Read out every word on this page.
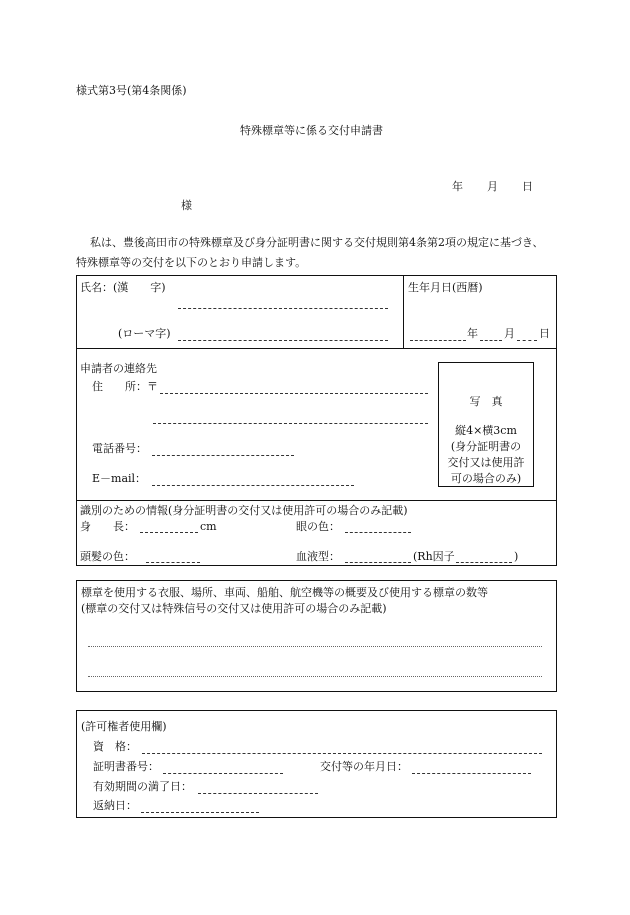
様式第3号(第4条関係)
特殊標章等に係る交付申請書
年 月 日
様
私は、豊後高田市の特殊標章及び身分証明書に関する交付規則第4条第2項の規定に基づき、
特殊標章等の交付を以下のとおり申請します。
氏名：(漢　　字)
(ローマ字)
生年月日(西暦)
年 月 日
申請者の連絡先
住　　所：〒
電話番号：
E－mail：
写　真
縦4×横3cm
(身分証明書の
交付又は使用許
可の場合のみ)
識別のための情報(身分証明書の交付又は使用許可の場合のみ記載)
身　　長：	cm	眼の色：
頭髪の色：	血液型：	(Rh因子	)
標章を使用する衣服、場所、車両、船舶、航空機等の概要及び使用する標章の数等
(標章の交付又は特殊信号の交付又は使用許可の場合のみ記載)
(許可権者使用欄)
資　格：
証明書番号：	交付等の年月日：
有効期間の満了日：
返納日：
